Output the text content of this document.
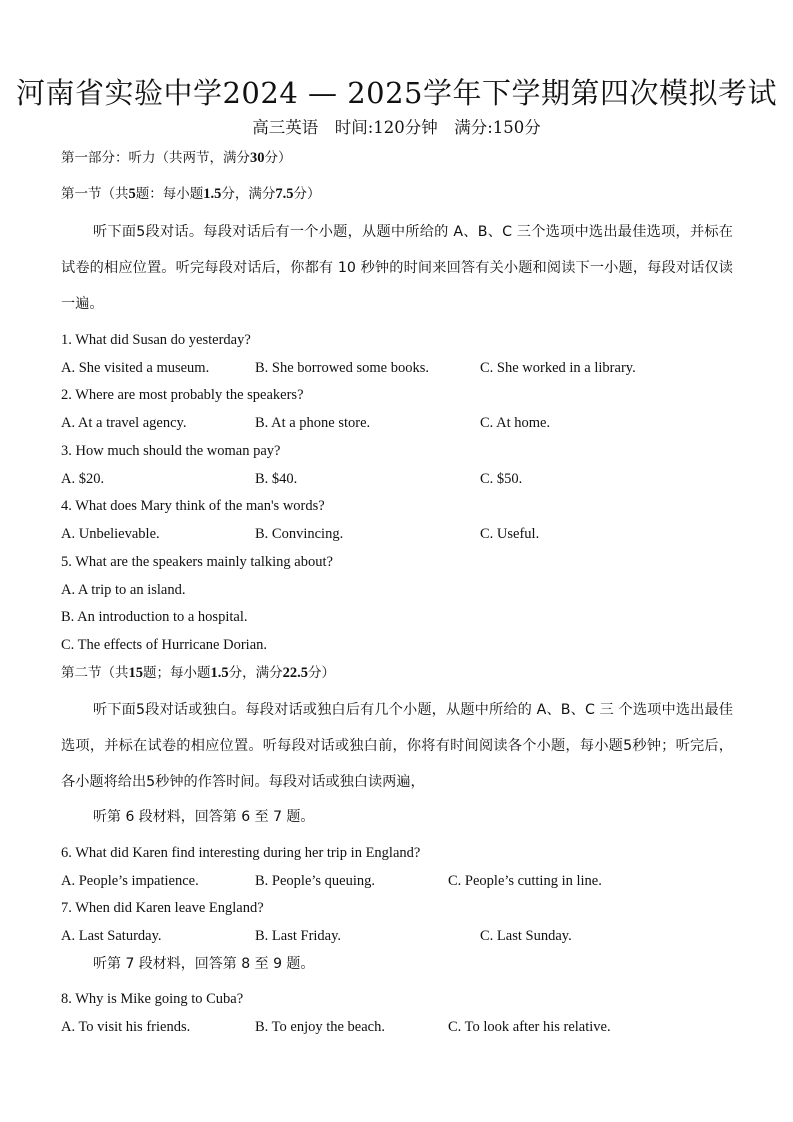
河南省实验中学2024 — 2025学年下学期第四次模拟考试
高三英语　时间:120分钟　满分:150分
第一部分：听力（共两节，满分30分）
第一节（共5题：每小题1.5分，满分7.5分）
听下面5段对话。每段对话后有一个小题，从题中所给的 A、B、C 三个选项中选出最佳选项，并标在试卷的相应位置。听完每段对话后，你都有 10 秒钟的时间来回答有关小题和阅读下一小题，每段对话仅读一遍。
1. What did Susan do yesterday?
A. She visited a museum.	B. She borrowed some books.	C. She worked in a library.
2. Where are most probably the speakers?
A. At a travel agency.	B. At a phone store.	C. At home.
3. How much should the woman pay?
A. $20.	B. $40.	C. $50.
4. What does Mary think of the man's words?
A. Unbelievable.	B. Convincing.	C. Useful.
5. What are the speakers mainly talking about?
A. A trip to an island.
B. An introduction to a hospital.
C. The effects of Hurricane Dorian.
第二节（共15题；每小题1.5分，满分22.5分）
听下面5段对话或独白。每段对话或独白后有几个小题，从题中所给的 A、B、C 三 个选项中选出最佳选项，并标在试卷的相应位置。听每段对话或独白前，你将有时间阅读各个小题，每小题5秒钟；听完后，各小题将给出5秒钟的作答时间。每段对话或独白读两遍，
听第 6 段材料，回答第 6 至 7 题。
6. What did Karen find interesting during her trip in England?
A. People’s impatience.	B. People’s queuing.	C. People’s cutting in line.
7. When did Karen leave England?
A. Last Saturday.	B. Last Friday.	C. Last Sunday.
听第 7 段材料，回答第 8 至 9 题。
8. Why is Mike going to Cuba?
A. To visit his friends.	B. To enjoy the beach.	C. To look after his relative.
